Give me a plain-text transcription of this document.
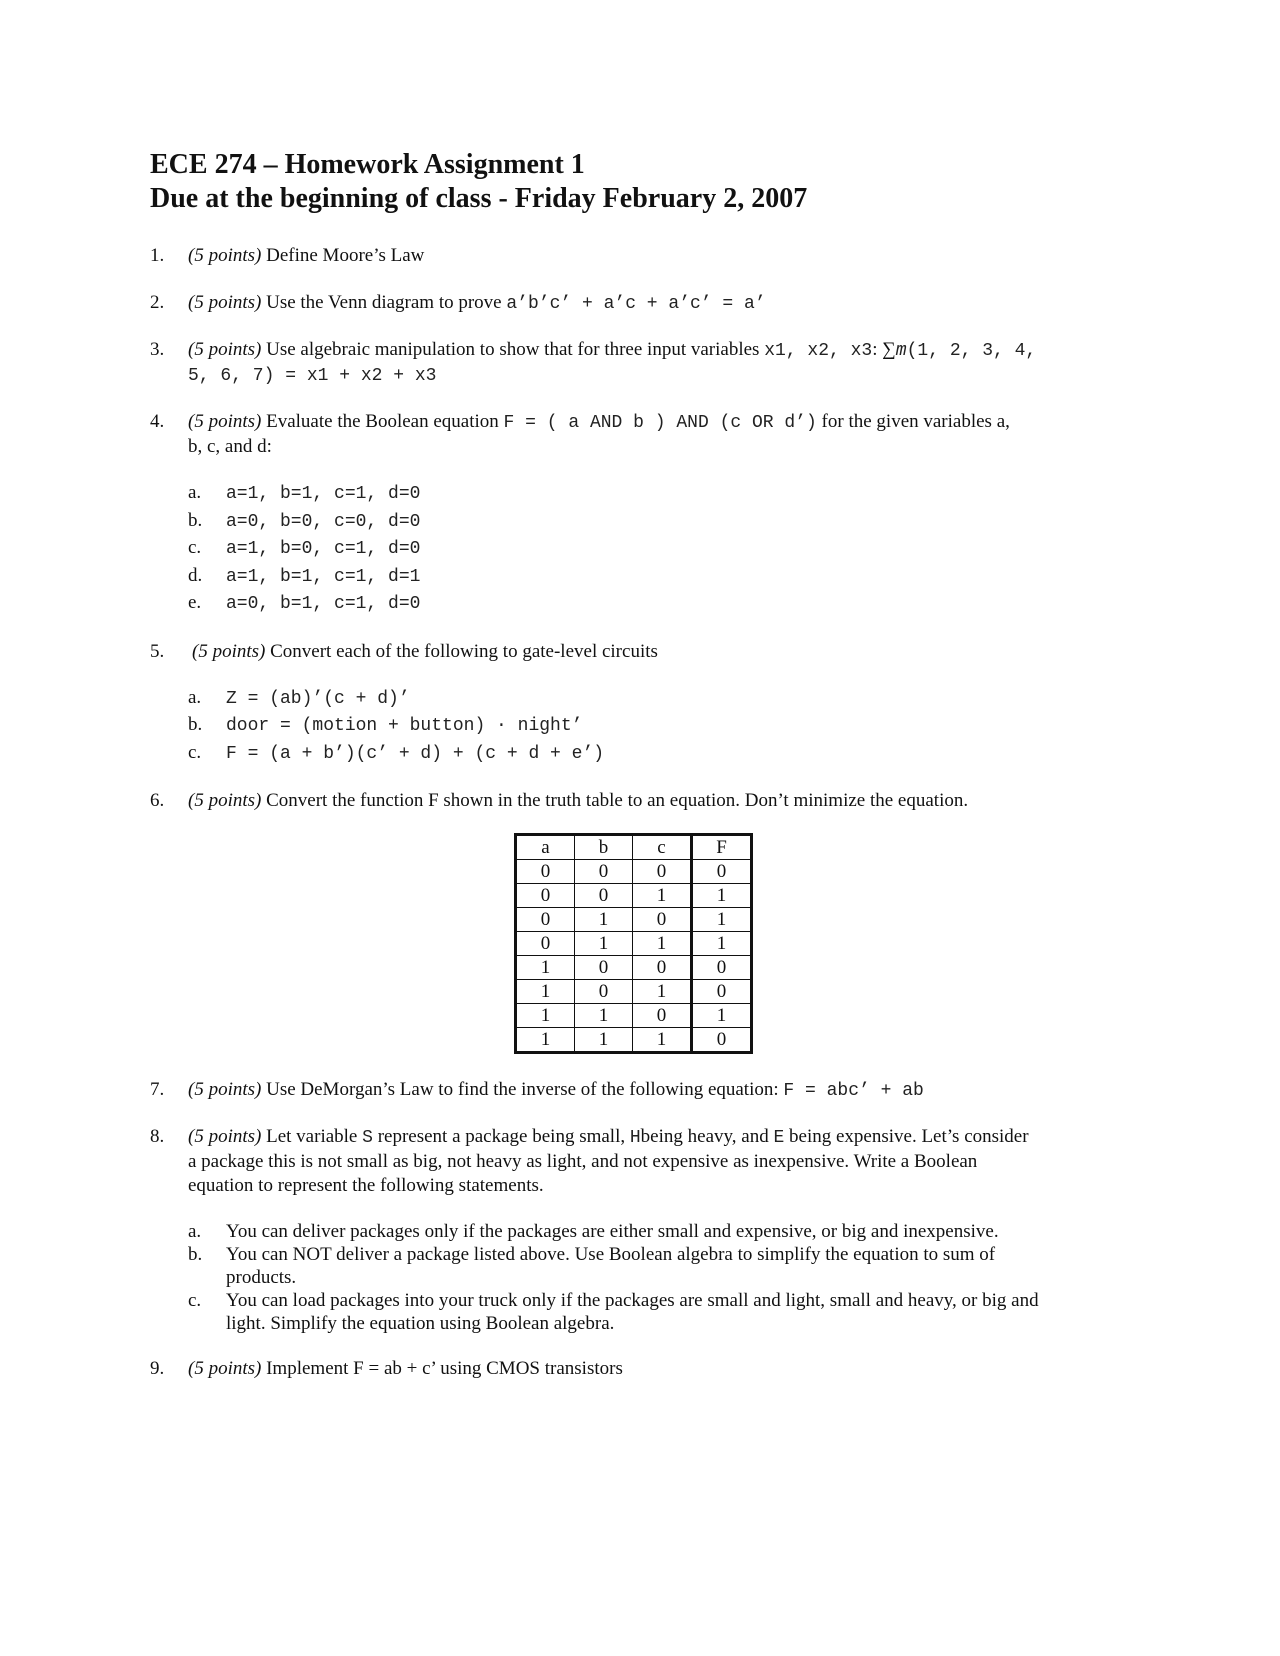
ECE 274 – Homework Assignment 1

Due at the beginning of class - Friday February 2, 2007

1. (5 points) Define Moore’s Law
2. (5 points) Use the Venn diagram to prove a’b’c’ + a’c + a’c’ = a’
3. (5 points) Use algebraic manipulation to show that for three input variables x1, x2, x3: ∑m(1, 2, 3, 4,
5, 6, 7) = x1 + x2 + x3
4. (5 points) Evaluate the Boolean equation F = ( a AND b ) AND (c OR d’) for the given variables a,
b, c, and d:
a. a=1, b=1, c=1, d=0
b. a=0, b=0, c=0, d=0
c. a=1, b=0, c=1, d=0
d. a=1, b=1, c=1, d=1
e. a=0, b=1, c=1, d=0
5. (5 points) Convert each of the following to gate-level circuits
a. Z = (ab)’(c + d)’
b. door = (motion + button) · night’
c. F = (a + b’)(c’ + d) + (c + d + e’)
6. (5 points) Convert the function F shown in the truth table to an equation. Don’t minimize the equation.
a	b	c	F
0	0	0	0
0	0	1	1
0	1	0	1
0	1	1	1
1	0	0	0
1	0	1	0
1	1	0	1
1	1	1	0
7. (5 points) Use DeMorgan’s Law to find the inverse of the following equation: F = abc’ + ab
8. (5 points) Let variable S represent a package being small, Hbeing heavy, and E being expensive. Let’s consider
a package this is not small as big, not heavy as light, and not expensive as inexpensive. Write a Boolean
equation to represent the following statements.
a. You can deliver packages only if the packages are either small and expensive, or big and inexpensive.
b. You can NOT deliver a package listed above. Use Boolean algebra to simplify the equation to sum of
products.
c. You can load packages into your truck only if the packages are small and light, small and heavy, or big and
light. Simplify the equation using Boolean algebra.
9. (5 points) Implement F = ab + c’ using CMOS transistors
